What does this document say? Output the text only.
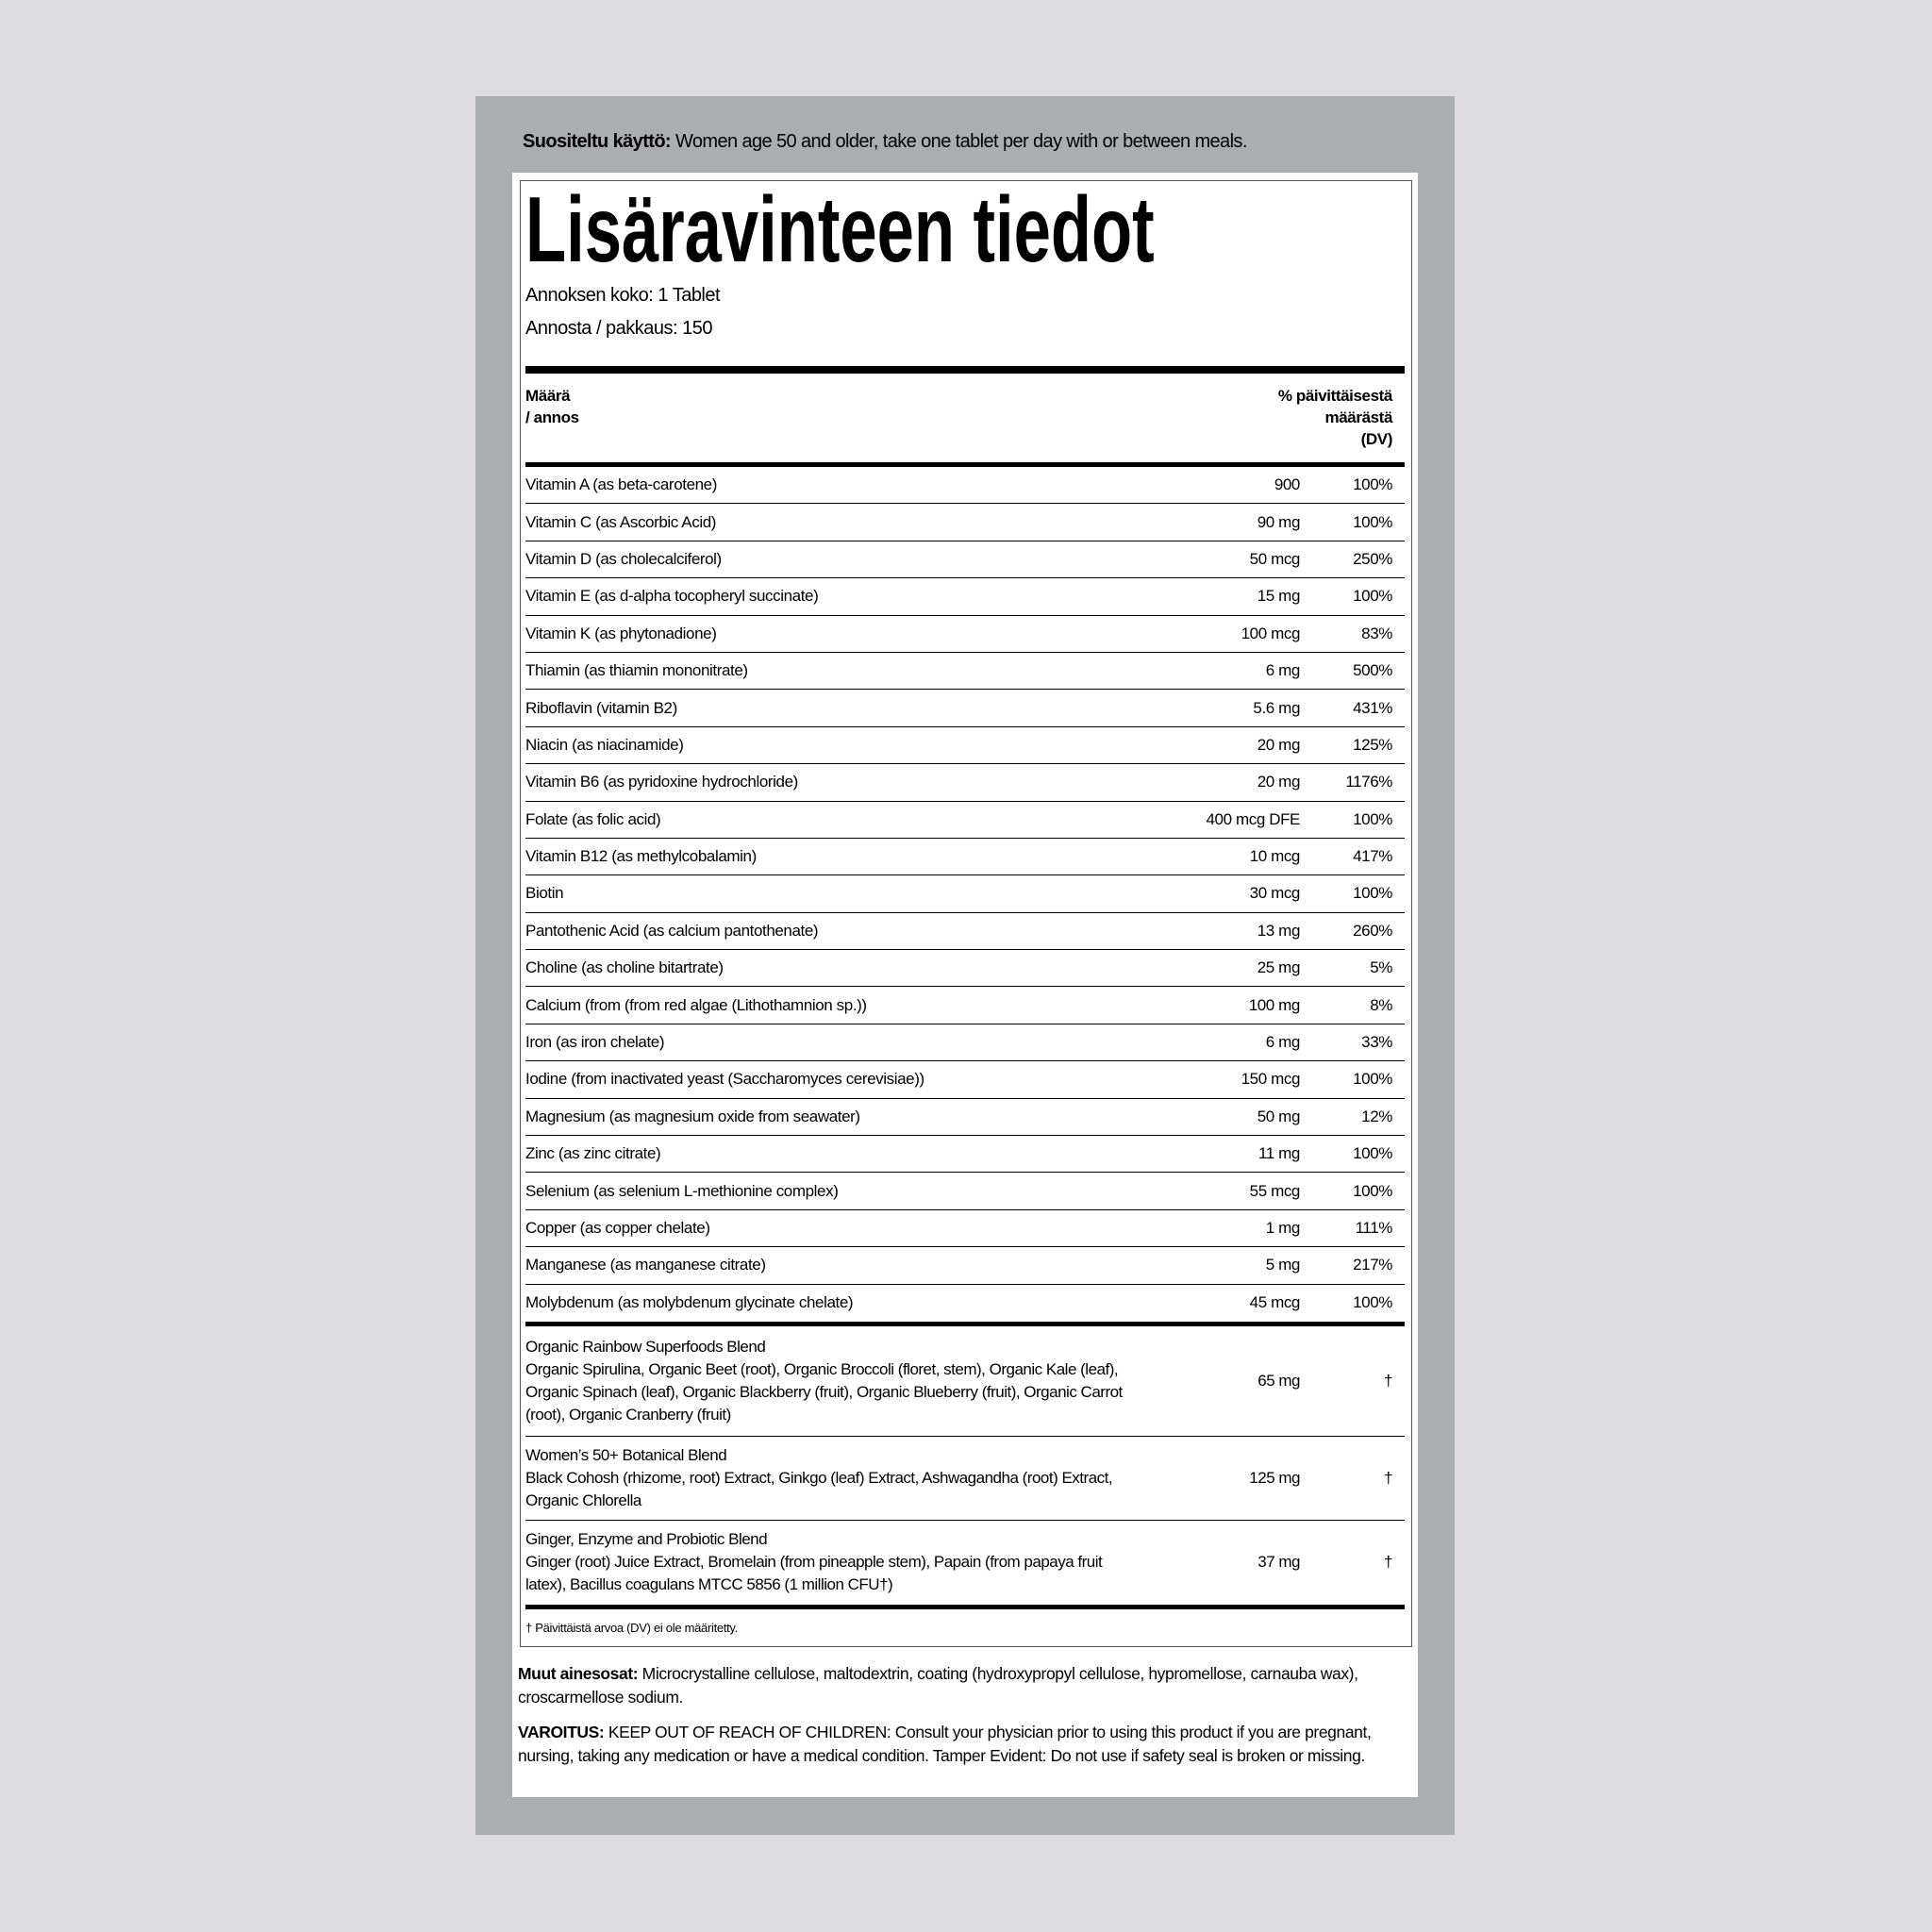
Suositeltu käyttö: Women age 50 and older, take one tablet per day with or between meals.
Lisäravinteen tiedot
Annoksen koko: 1 Tablet
Annosta / pakkaus: 150
Määrä
/ annos
% päivittäisestä
määrästä
(DV)
Vitamin A (as beta-carotene)	900	100%
Vitamin C (as Ascorbic Acid)	90 mg	100%
Vitamin D (as cholecalciferol)	50 mcg	250%
Vitamin E (as d-alpha tocopheryl succinate)	15 mg	100%
Vitamin K (as phytonadione)	100 mcg	83%
Thiamin (as thiamin mononitrate)	6 mg	500%
Riboflavin (vitamin B2)	5.6 mg	431%
Niacin (as niacinamide)	20 mg	125%
Vitamin B6 (as pyridoxine hydrochloride)	20 mg	1176%
Folate (as folic acid)	400 mcg DFE	100%
Vitamin B12 (as methylcobalamin)	10 mcg	417%
Biotin	30 mcg	100%
Pantothenic Acid (as calcium pantothenate)	13 mg	260%
Choline (as choline bitartrate)	25 mg	5%
Calcium (from (from red algae (Lithothamnion sp.))	100 mg	8%
Iron (as iron chelate)	6 mg	33%
Iodine (from inactivated yeast (Saccharomyces cerevisiae))	150 mcg	100%
Magnesium (as magnesium oxide from seawater)	50 mg	12%
Zinc (as zinc citrate)	11 mg	100%
Selenium (as selenium L-methionine complex)	55 mcg	100%
Copper (as copper chelate)	1 mg	111%
Manganese (as manganese citrate)	5 mg	217%
Molybdenum (as molybdenum glycinate chelate)	45 mcg	100%
Organic Rainbow Superfoods Blend
Organic Spirulina, Organic Beet (root), Organic Broccoli (floret, stem), Organic Kale (leaf), Organic Spinach (leaf), Organic Blackberry (fruit), Organic Blueberry (fruit), Organic Carrot (root), Organic Cranberry (fruit)
65 mg	†
Women’s 50+ Botanical Blend
Black Cohosh (rhizome, root) Extract, Ginkgo (leaf) Extract, Ashwagandha (root) Extract, Organic Chlorella
125 mg	†
Ginger, Enzyme and Probiotic Blend
Ginger (root) Juice Extract, Bromelain (from pineapple stem), Papain (from papaya fruit latex), Bacillus coagulans MTCC 5856 (1 million CFU†)
37 mg	†
† Päivittäistä arvoa (DV) ei ole määritetty.
Muut ainesosat: Microcrystalline cellulose, maltodextrin, coating (hydroxypropyl cellulose, hypromellose, carnauba wax), croscarmellose sodium.
VAROITUS: KEEP OUT OF REACH OF CHILDREN: Consult your physician prior to using this product if you are pregnant, nursing, taking any medication or have a medical condition. Tamper Evident: Do not use if safety seal is broken or missing.
